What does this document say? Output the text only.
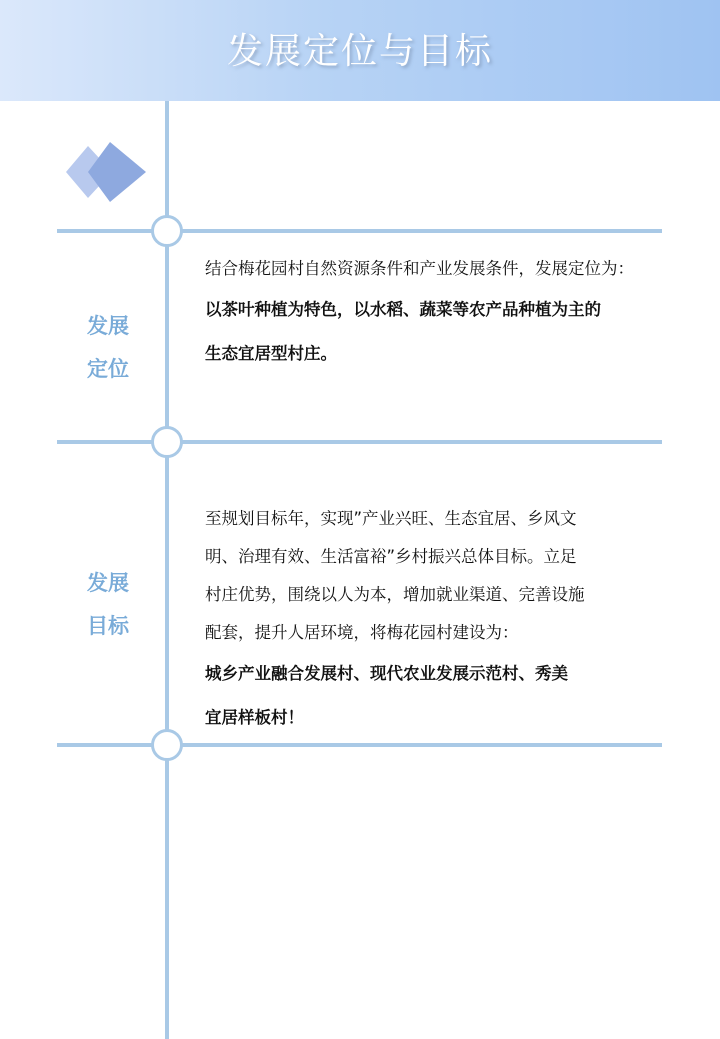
发展定位与目标
发展
定位
结合梅花园村自然资源条件和产业发展条件，发展定位为：
以茶叶种植为特色，以水稻、蔬菜等农产品种植为主的
生态宜居型村庄。
发展
目标
至规划目标年，实现”产业兴旺、生态宜居、乡风文
明、治理有效、生活富裕”乡村振兴总体目标。立足
村庄优势，围绕以人为本，增加就业渠道、完善设施
配套，提升人居环境，将梅花园村建设为：
城乡产业融合发展村、现代农业发展示范村、秀美
宜居样板村！
